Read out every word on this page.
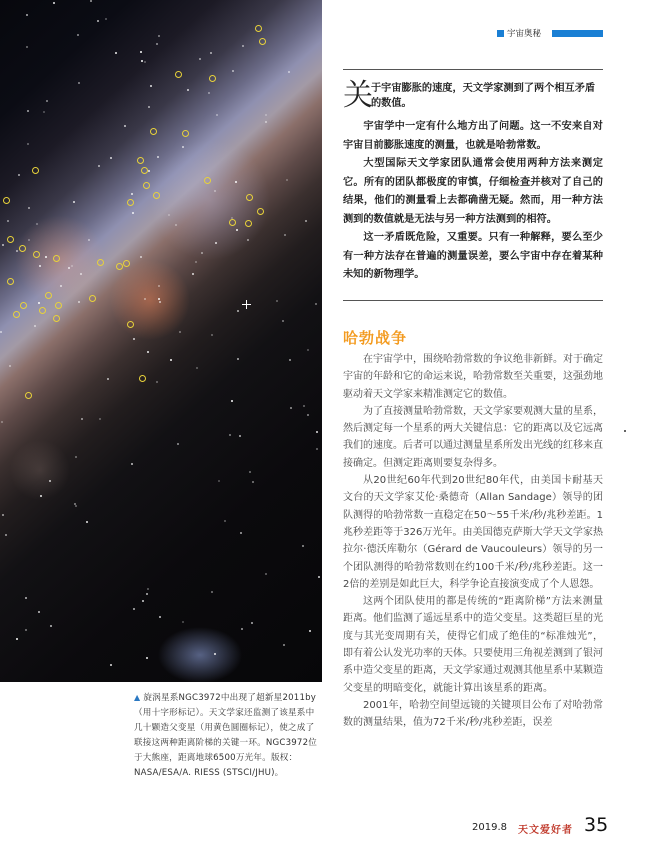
▲ 旋涡星系NGC3972中出现了超新星2011by（用十字形标记）。天文学家还监测了该星系中几十颗造父变星（用黄色圆圈标记），使之成了联接这两种距离阶梯的关键一环。NGC3972位于大熊座，距离地球6500万光年。版权：NASA/ESA/A. RIESS (STSCI/JHU)。
宇宙奥秘
关
于宇宙膨胀的速度，天文学家测到了两个相互矛盾的数值。

宇宙学中一定有什么地方出了问题。这一不安来自对宇宙目前膨胀速度的测量，也就是哈勃常数。

大型国际天文学家团队通常会使用两种方法来测定它。所有的团队都极度的审慎，仔细检查并核对了自己的结果，他们的测量看上去都确凿无疑。然而，用一种方法测到的数值就是无法与另一种方法测到的相符。

这一矛盾既危险，又重要。只有一种解释，要么至少有一种方法存在普遍的测量误差，要么宇宙中存在着某种未知的新物理学。

哈勃战争

在宇宙学中，围绕哈勃常数的争议绝非新鲜。对于确定宇宙的年龄和它的命运来说，哈勃常数至关重要，这强劲地驱动着天文学家来精准测定它的数值。

为了直接测量哈勃常数，天文学家要观测大量的星系，然后测定每一个星系的两大关键信息：它的距离以及它远离我们的速度。后者可以通过测量星系所发出光线的红移来直接确定。但测定距离则要复杂得多。

从20世纪60年代到20世纪80年代，由美国卡耐基天文台的天文学家艾伦·桑德奇（Allan Sandage）领导的团队测得的哈勃常数一直稳定在50～55千米/秒/兆秒差距。1兆秒差距等于326万光年。由美国德克萨斯大学天文学家热拉尔·德沃库勒尔（Gérard de Vaucouleurs）领导的另一个团队测得的哈勃常数则在约100千米/秒/兆秒差距。这一2倍的差别是如此巨大，科学争论直接演变成了个人恩怨。

这两个团队使用的都是传统的“距离阶梯”方法来测量距离。他们监测了遥远星系中的造父变星。这类超巨星的光度与其光变周期有关，使得它们成了绝佳的“标准烛光”，即有着公认发光功率的天体。只要使用三角视差测到了银河系中造父变星的距离，天文学家通过观测其他星系中某颗造父变星的明暗变化，就能计算出该星系的距离。

2001年，哈勃空间望远镜的关键项目公布了对哈勃常数的测量结果，值为72千米/秒/兆秒差距，误差

2019.8 天文爱好者 35
